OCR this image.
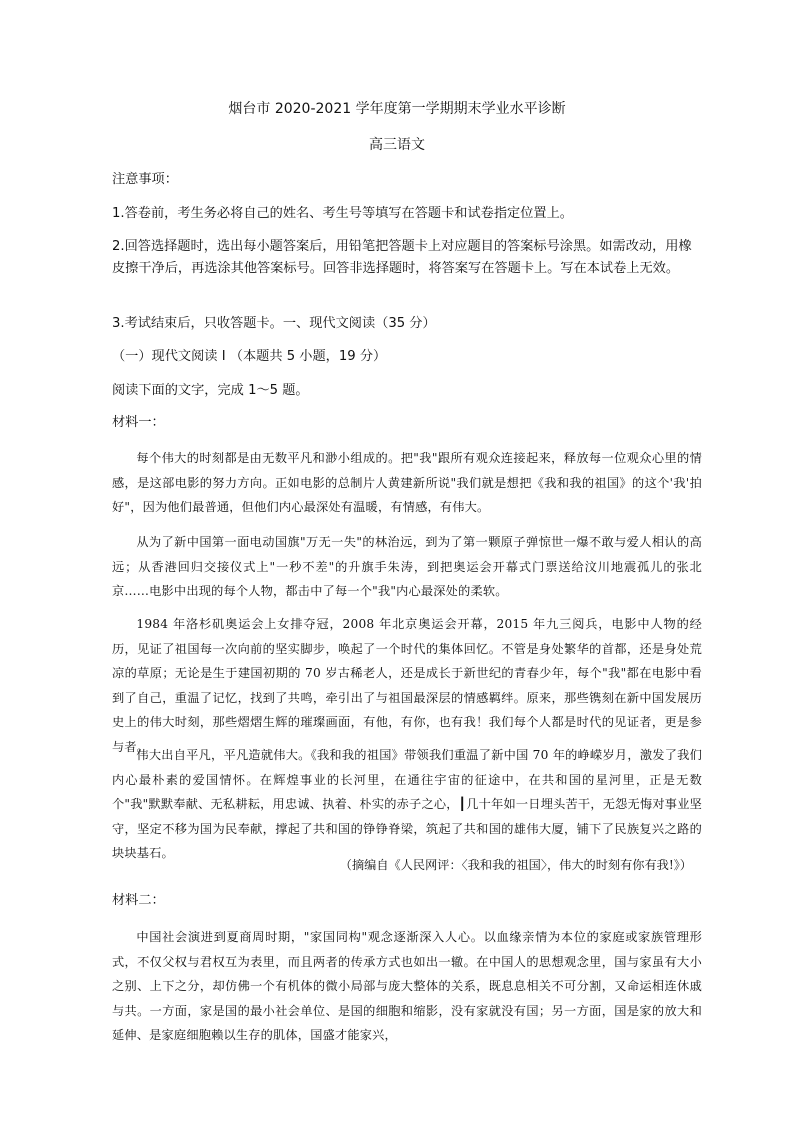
烟台市 2020-2021 学年度第一学期期末学业水平诊断
高三语文
注意事项：
1.答卷前，考生务必将自己的姓名、考生号等填写在答题卡和试卷指定位置上。
2.回答选择题时，选出每小题答案后，用铅笔把答题卡上对应题目的答案标号涂黑。如需改动，用橡皮擦干净后，再选涂其他答案标号。回答非选择题时，将答案写在答题卡上。写在本试卷上无效。
3.考试结束后，只收答题卡。一、现代文阅读（35 分）
（一）现代文阅读 I （本题共 5 小题，19 分）
阅读下面的文字，完成 1～5 题。
材料一：
每个伟大的时刻都是由无数平凡和渺小组成的。把"我"跟所有观众连接起来，释放每一位观众心里的情感，是这部电影的努力方向。正如电影的总制片人黄建新所说"我们就是想把《我和我的祖国》的这个'我'拍好"，因为他们最普通，但他们内心最深处有温暖，有情感，有伟大。
从为了新中国第一面电动国旗"万无一失"的林治远，到为了第一颗原子弹惊世一爆不敢与爱人相认的高远；从香港回归交接仪式上"一秒不差"的升旗手朱涛，到把奥运会开幕式门票送给汶川地震孤儿的张北京……电影中出现的每个人物，都击中了每一个"我"内心最深处的柔软。
1984 年洛杉矶奥运会上女排夺冠，2008 年北京奥运会开幕，2015 年九三阅兵，电影中人物的经历，见证了祖国每一次向前的坚实脚步，唤起了一个时代的集体回忆。不管是身处繁华的首都，还是身处荒凉的草原；无论是生于建国初期的 70 岁古稀老人，还是成长于新世纪的青春少年，每个"我"都在电影中看到了自己，重温了记忆，找到了共鸣，牵引出了与祖国最深层的情感羁绊。原来，那些镌刻在新中国发展历史上的伟大时刻，那些熠熠生辉的璀璨画面，有他，有你，也有我！我们每个人都是时代的见证者，更是参与者。
伟大出自平凡，平凡造就伟大。《我和我的祖国》带领我们重温了新中国 70 年的峥嵘岁月，激发了我们内心最朴素的爱国情怀。在辉煌事业的长河里，在通往宇宙的征途中，在共和国的星河里，正是无数个"我"默默奉献、无私耕耘，用忠诚、执着、朴实的赤子之心，┃几十年如一日埋头苦干，无怨无悔对事业坚守，坚定不移为国为民奉献，撑起了共和国的铮铮脊梁，筑起了共和国的雄伟大厦，铺下了民族复兴之路的块块基石。
（摘编自《人民网评：〈我和我的祖国〉，伟大的时刻有你有我!》）
材料二：
中国社会演进到夏商周时期，"家国同构"观念逐渐深入人心。以血缘亲情为本位的家庭或家族管理形式，不仅父权与君权互为表里，而且两者的传承方式也如出一辙。在中国人的思想观念里，国与家虽有大小之别、上下之分，却仿佛一个有机体的微小局部与庞大整体的关系，既息息相关不可分割，又命运相连休戚与共。一方面，家是国的最小社会单位、是国的细胞和缩影，没有家就没有国；另一方面，国是家的放大和延伸、是家庭细胞赖以生存的肌体，国盛才能家兴，
